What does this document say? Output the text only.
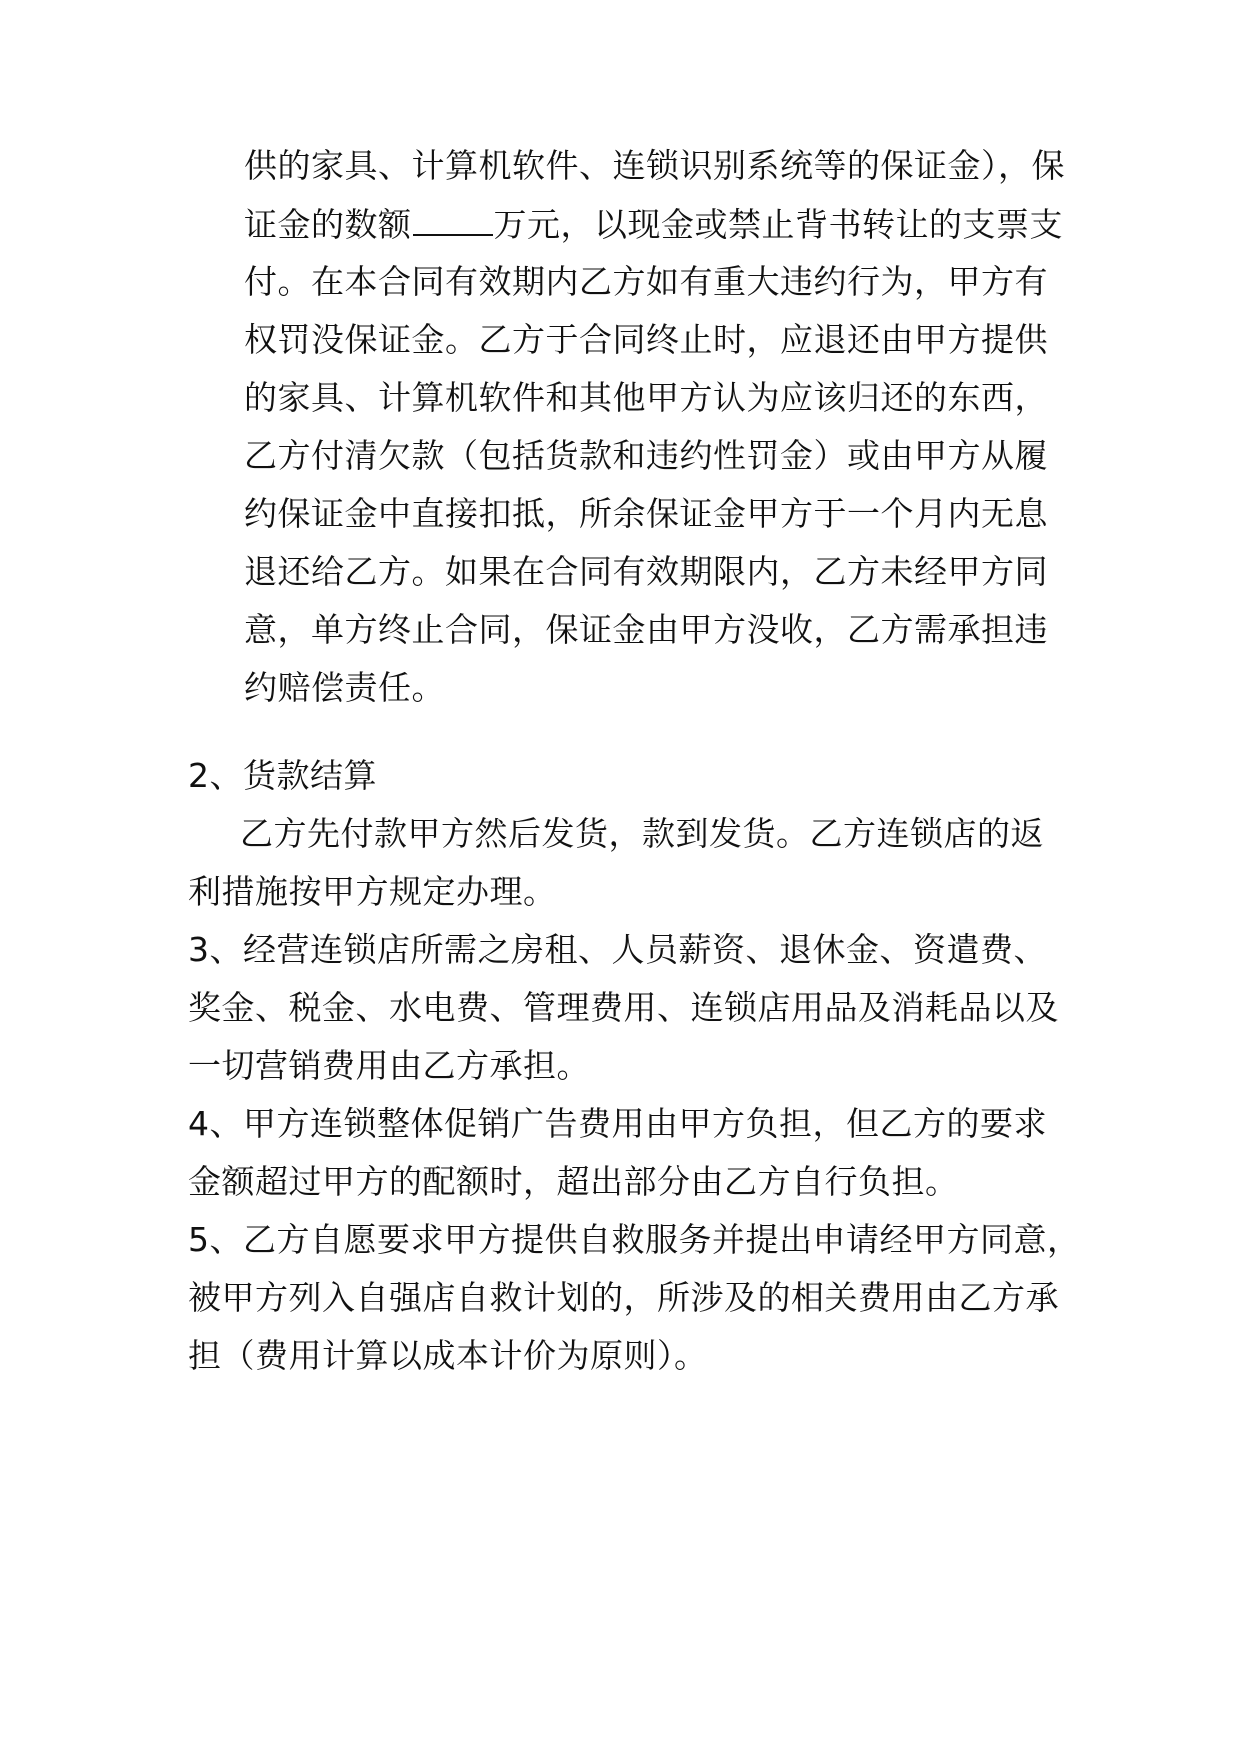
供的家具、计算机软件、连锁识别系统等的保证金），保
证金的数额 万元，以现金或禁止背书转让的支票支
付。在本合同有效期内乙方如有重大违约行为，甲方有
权罚没保证金。乙方于合同终止时，应退还由甲方提供
的家具、计算机软件和其他甲方认为应该归还的东西，
乙方付清欠款（包括货款和违约性罚金）或由甲方从履
约保证金中直接扣抵，所余保证金甲方于一个月内无息
退还给乙方。如果在合同有效期限内，乙方未经甲方同
意，单方终止合同，保证金由甲方没收，乙方需承担违
约赔偿责任。
2、货款结算
乙方先付款甲方然后发货，款到发货。乙方连锁店的返
利措施按甲方规定办理。
3、经营连锁店所需之房租、人员薪资、退休金、资遣费、
奖金、税金、水电费、管理费用、连锁店用品及消耗品以及
一切营销费用由乙方承担。
4、甲方连锁整体促销广告费用由甲方负担，但乙方的要求
金额超过甲方的配额时，超出部分由乙方自行负担。
5、乙方自愿要求甲方提供自救服务并提出申请经甲方同意，
被甲方列入自强店自救计划的，所涉及的相关费用由乙方承
担（费用计算以成本计价为原则）。
